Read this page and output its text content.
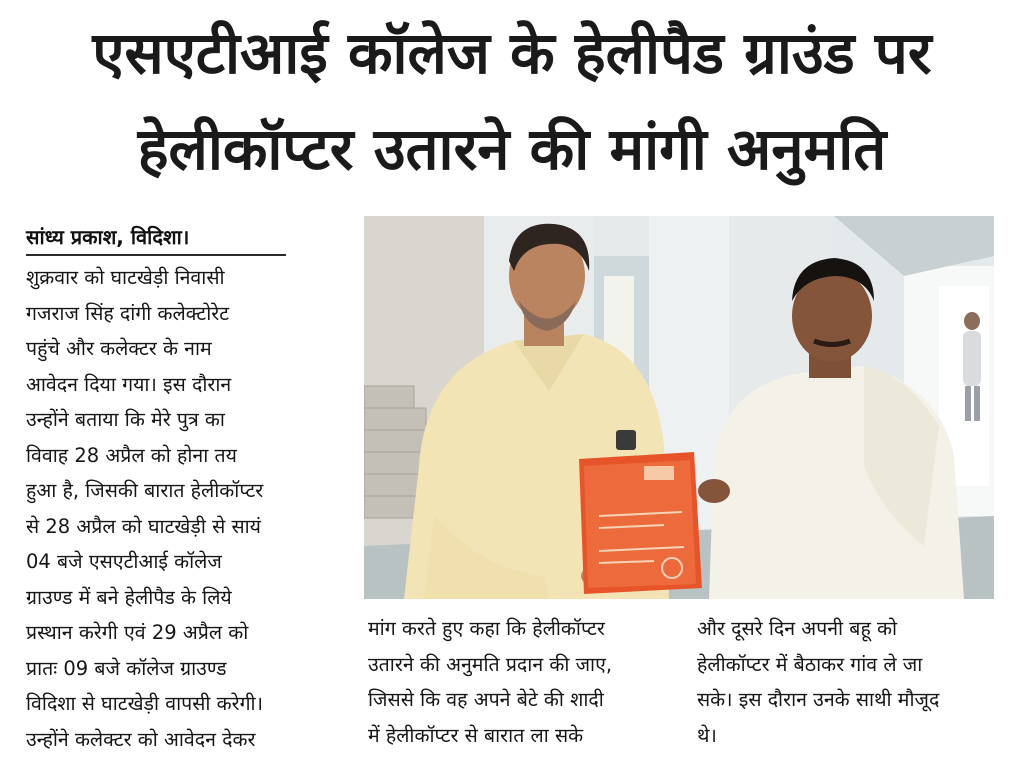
एसएटीआई कॉलेज के हेलीपैड ग्राउंड पर
हेलीकॉप्टर उतारने की मांगी अनुमति
सांध्य प्रकाश, विदिशा।
शुक्रवार को घाटखेड़ी निवासी
गजराज सिंह दांगी कलेक्टोरेट
पहुंचे और कलेक्टर के नाम
आवेदन दिया गया। इस दौरान
उन्होंने बताया कि मेरे पुत्र का
विवाह 28 अप्रैल को होना तय
हुआ है, जिसकी बारात हेलीकॉप्टर
से 28 अप्रैल को घाटखेड़ी से सायं
04 बजे एसएटीआई कॉलेज
ग्राउण्ड में बने हेलीपैड के लिये
प्रस्थान करेगी एवं 29 अप्रैल को
प्रातः 09 बजे कॉलेज ग्राउण्ड
विदिशा से घाटखेड़ी वापसी करेगी।
उन्होंने कलेक्टर को आवेदन देकर
मांग करते हुए कहा कि हेलीकॉप्टर
उतारने की अनुमति प्रदान की जाए,
जिससे कि वह अपने बेटे की शादी
में हेलीकॉप्टर से बारात ला सके
और दूसरे दिन अपनी बहू को
हेलीकॉप्टर में बैठाकर गांव ले जा
सके। इस दौरान उनके साथी मौजूद
थे।
